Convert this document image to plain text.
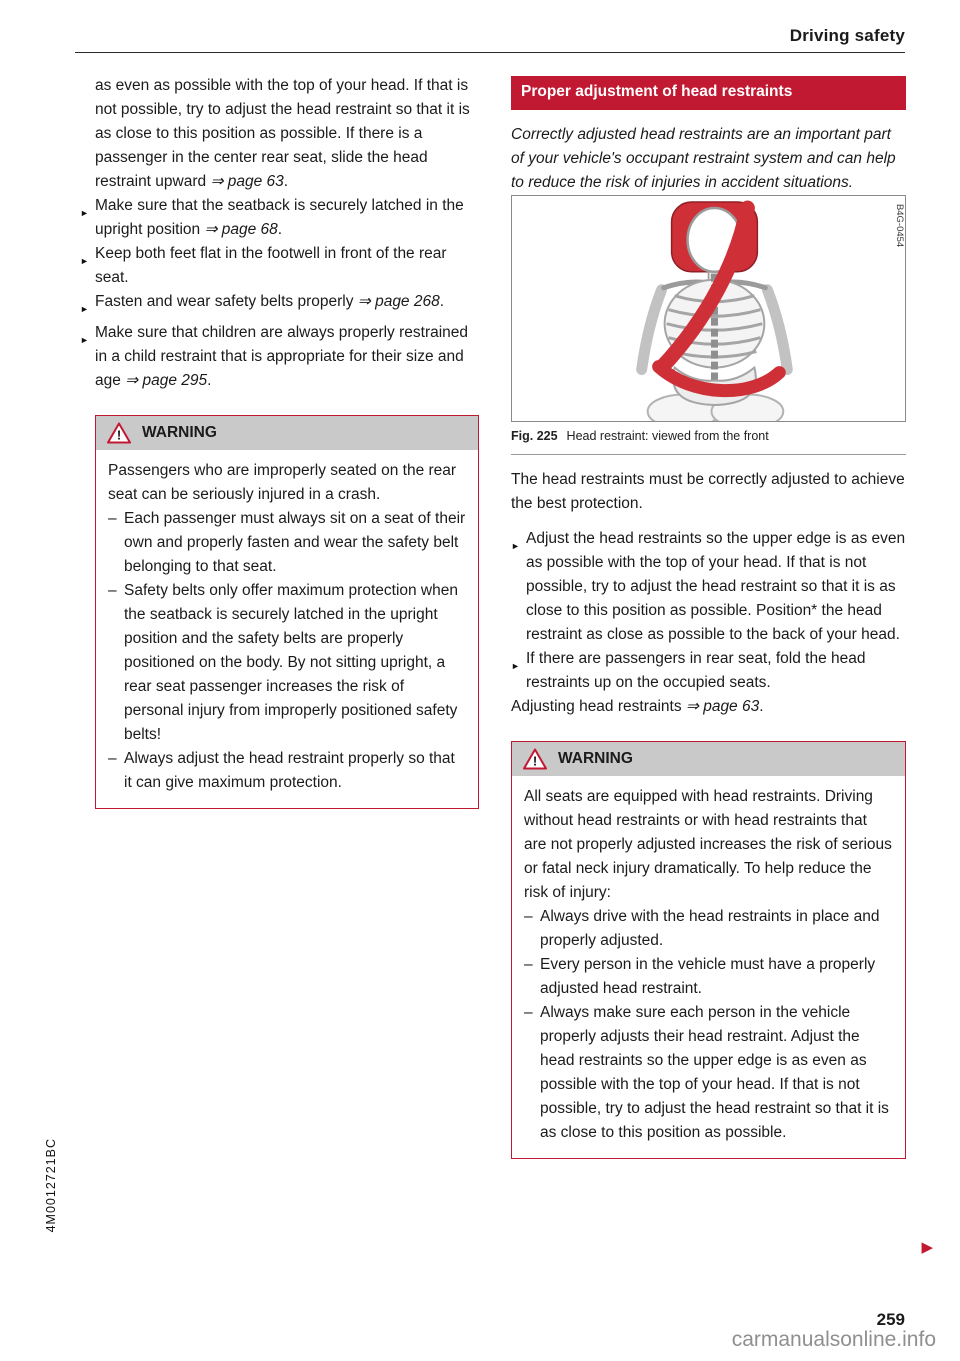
Driving safety

as even as possible with the top of your head. If that is not possible, try to adjust the head restraint so that it is as close to this position as possible. If there is a passenger in the center rear seat, slide the head restraint upward ⇒ page 63.

► Make sure that the seatback is securely latched in the upright position ⇒ page 68.
► Keep both feet flat in the footwell in front of the rear seat.
► Fasten and wear safety belts properly ⇒ page 268.
► Make sure that children are always properly restrained in a child restraint that is appropriate for their size and age ⇒ page 295.
! WARNING

Passengers who are improperly seated on the rear seat can be seriously injured in a crash.

– Each passenger must always sit on a seat of their own and properly fasten and wear the safety belt belonging to that seat.
– Safety belts only offer maximum protection when the seatback is securely latched in the upright position and the safety belts are properly positioned on the body. By not sitting upright, a rear seat passenger increases the risk of personal injury from improperly positioned safety belts!
– Always adjust the head restraint properly so that it can give maximum protection.
Proper adjustment of head restraints

Correctly adjusted head restraints are an important part of your vehicle's occupant restraint system and can help to reduce the risk of injuries in accident situations.

B4G-0454
Fig. 225 Head restraint: viewed from the front

The head restraints must be correctly adjusted to achieve the best protection.

► Adjust the head restraints so the upper edge is as even as possible with the top of your head. If that is not possible, try to adjust the head restraint so that it is as close to this position as possible. Position* the head restraint as close as possible to the back of your head.
► If there are passengers in rear seat, fold the head restraints up on the occupied seats.

Adjusting head restraints ⇒ page 63.

! WARNING

All seats are equipped with head restraints. Driving without head restraints or with head restraints that are not properly adjusted increases the risk of serious or fatal neck injury dramatically. To help reduce the risk of injury:

– Always drive with the head restraints in place and properly adjusted.
– Every person in the vehicle must have a properly adjusted head restraint.
– Always make sure each person in the vehicle properly adjusts their head restraint. Adjust the head restraints so the upper edge is as even as possible with the top of your head. If that is not possible, try to adjust the head restraint so that it is as close to this position as possible.
4M0012721BC
▶
259
carmanualsonline.info
